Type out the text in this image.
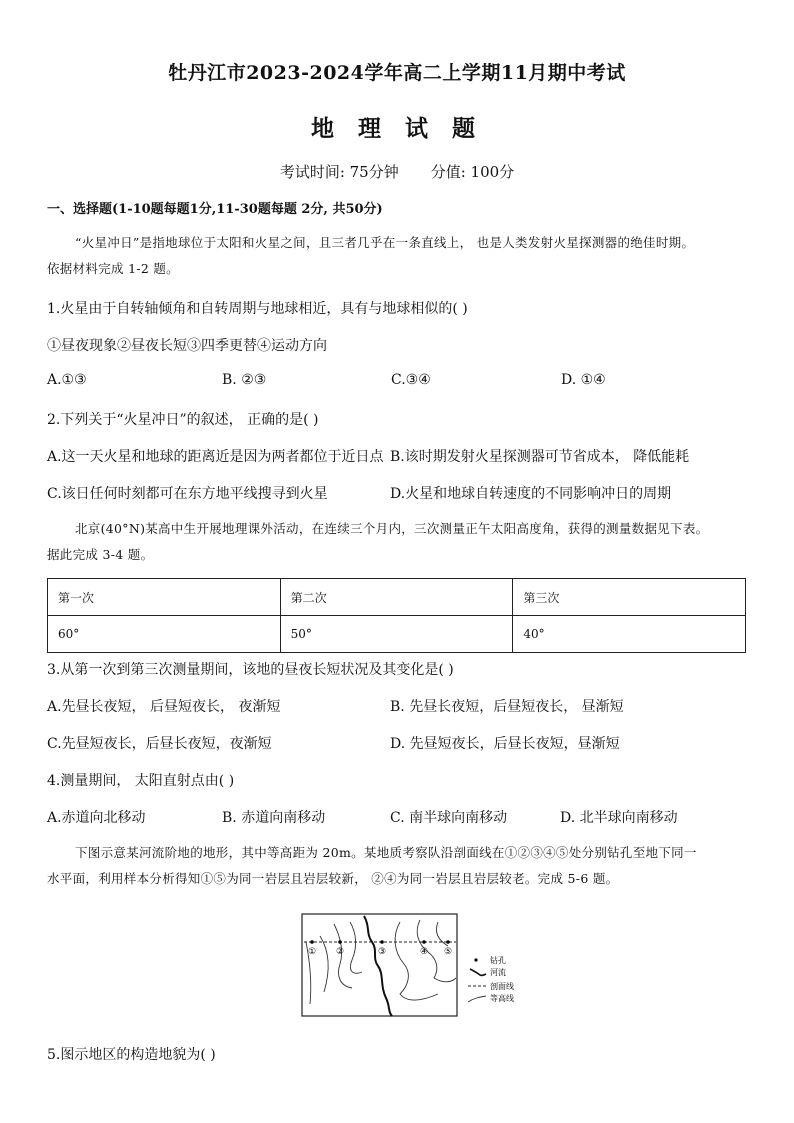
牡丹江市2023-2024学年高二上学期11月期中考试
地 理 试 题
考试时间: 75分钟 分值: 100分
一、选择题(1-10题每题1分,11-30题每题 2分, 共50分)
“火星冲日”是指地球位于太阳和火星之间，且三者几乎在一条直线上， 也是人类发射火星探测器的绝佳时期。
依据材料完成 1-2 题。
1.火星由于自转轴倾角和自转周期与地球相近，具有与地球相似的( )
①昼夜现象②昼夜长短③四季更替④运动方向
A.①③	B. ②③	C.③④	D. ①④
2.下列关于“火星冲日”的叙述， 正确的是( )
A.这一天火星和地球的距离近是因为两者都位于近日点 B.该时期发射火星探测器可节省成本， 降低能耗
C.该日任何时刻都可在东方地平线搜寻到火星	D.火星和地球自转速度的不同影响冲日的周期
北京(40°N)某高中生开展地理课外活动，在连续三个月内，三次测量正午太阳高度角，获得的测量数据见下表。
据此完成 3-4 题。
第一次	第二次	第三次
60°	50°	40°
3.从第一次到第三次测量期间，该地的昼夜长短状况及其变化是( )
A.先昼长夜短， 后昼短夜长， 夜渐短	B. 先昼长夜短，后昼短夜长， 昼渐短
C.先昼短夜长，后昼长夜短，夜渐短	D. 先昼短夜长，后昼长夜短，昼渐短
4.测量期间， 太阳直射点由( )
A.赤道向北移动	B. 赤道向南移动	C. 南半球向南移动	D. 北半球向南移动
下图示意某河流阶地的地形，其中等高距为 20m。某地质考察队沿剖面线在①②③④⑤处分别钻孔至地下同一
水平面，利用样本分析得知①⑤为同一岩层且岩层较新， ②④为同一岩层且岩层较老。完成 5-6 题。
① ②	③	④ ⑤
钻孔
河流
剖面线
等高线
5.图示地区的构造地貌为( )
